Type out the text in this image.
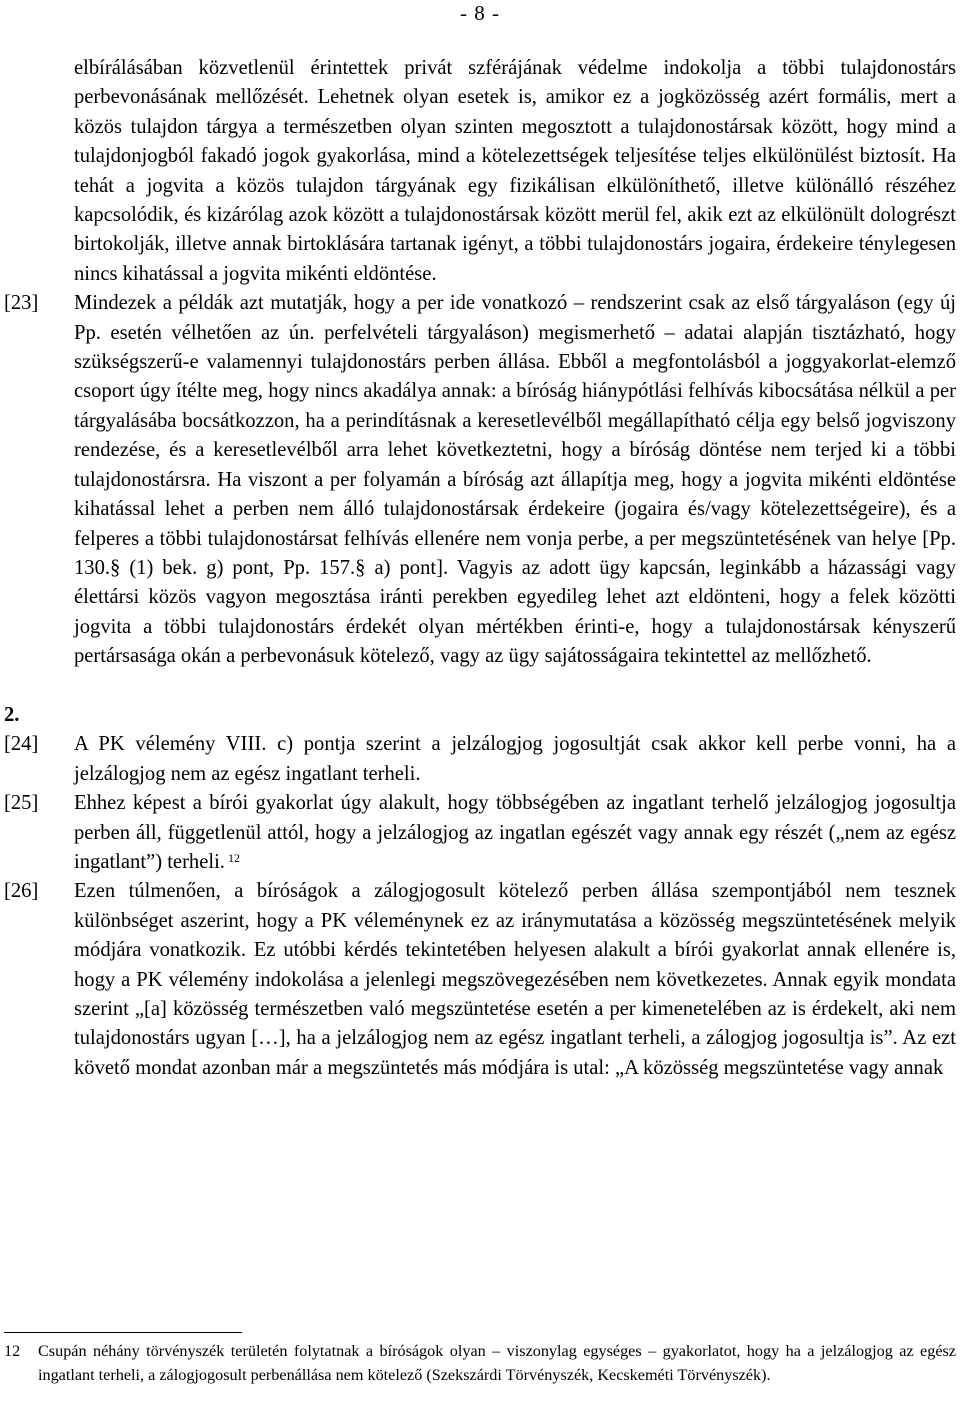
- 8 -

elbírálásában közvetlenül érintettek privát szférájának védelme indokolja a többi tulajdonostárs perbevonásának mellőzését. Lehetnek olyan esetek is, amikor ez a jogközösség azért formális, mert a közös tulajdon tárgya a természetben olyan szinten megosztott a tulajdonostársak között, hogy mind a tulajdonjogból fakadó jogok gyakorlása, mind a kötelezettségek teljesítése teljes elkülönülést biztosít. Ha tehát a jogvita a közös tulajdon tárgyának egy fizikálisan elkülöníthető, illetve különálló részéhez kapcsolódik, és kizárólag azok között a tulajdonostársak között merül fel, akik ezt az elkülönült dologrészt birtokolják, illetve annak birtoklására tartanak igényt, a többi tulajdonostárs jogaira, érdekeire ténylegesen nincs kihatással a jogvita mikénti eldöntése.

[23] Mindezek a példák azt mutatják, hogy a per ide vonatkozó – rendszerint csak az első tárgyaláson (egy új Pp. esetén vélhetően az ún. perfelvételi tárgyaláson) megismerhető – adatai alapján tisztázható, hogy szükségszerű-e valamennyi tulajdonostárs perben állása. Ebből a megfontolásból a joggyakorlat-elemző csoport úgy ítélte meg, hogy nincs akadálya annak: a bíróság hiánypótlási felhívás kibocsátása nélkül a per tárgyalásába bocsátkozzon, ha a perindításnak a keresetlevélből megállapítható célja egy belső jogviszony rendezése, és a keresetlevélből arra lehet következtetni, hogy a bíróság döntése nem terjed ki a többi tulajdonostársra. Ha viszont a per folyamán a bíróság azt állapítja meg, hogy a jogvita mikénti eldöntése kihatással lehet a perben nem álló tulajdonostársak érdekeire (jogaira és/vagy kötelezettségeire), és a felperes a többi tulajdonostársat felhívás ellenére nem vonja perbe, a per megszüntetésének van helye [Pp. 130.§ (1) bek. g) pont, Pp. 157.§ a) pont]. Vagyis az adott ügy kapcsán, leginkább a házassági vagy élettársi közös vagyon megosztása iránti perekben egyedileg lehet azt eldönteni, hogy a felek közötti jogvita a többi tulajdonostárs érdekét olyan mértékben érinti-e, hogy a tulajdonostársak kényszerű pertársasága okán a perbevonásuk kötelező, vagy az ügy sajátosságaira tekintettel az mellőzhető.

2.

[24] A PK vélemény VIII. c) pontja szerint a jelzálogjog jogosultját csak akkor kell perbe vonni, ha a jelzálogjog nem az egész ingatlant terheli.

[25] Ehhez képest a bírói gyakorlat úgy alakult, hogy többségében az ingatlant terhelő jelzálogjog jogosultja perben áll, függetlenül attól, hogy a jelzálogjog az ingatlan egészét vagy annak egy részét („nem az egész ingatlant”) terheli. $^{12}$

[26] Ezen túlmenően, a bíróságok a zálogjogosult kötelező perben állása szempontjából nem tesznek különbséget aszerint, hogy a PK véleménynek ez az iránymutatása a közösség megszüntetésének melyik módjára vonatkozik. Ez utóbbi kérdés tekintetében helyesen alakult a bírói gyakorlat annak ellenére is, hogy a PK vélemény indokolása a jelenlegi megszövegezésében nem következetes. Annak egyik mondata szerint „[a] közösség természetben való megszüntetése esetén a per kimenetelében az is érdekelt, aki nem tulajdonostárs ugyan […], ha a jelzálogjog nem az egész ingatlant terheli, a zálogjog jogosultja is”. Az ezt követő mondat azonban már a megszüntetés más módjára is utal: „A közösség megszüntetése vagy annak

12 Csupán néhány törvényszék területén folytatnak a bíróságok olyan – viszonylag egységes – gyakorlatot, hogy ha a jelzálogjog az egész ingatlant terheli, a zálogjogosult perbenállása nem kötelező (Szekszárdi Törvényszék, Kecskeméti Törvényszék).
